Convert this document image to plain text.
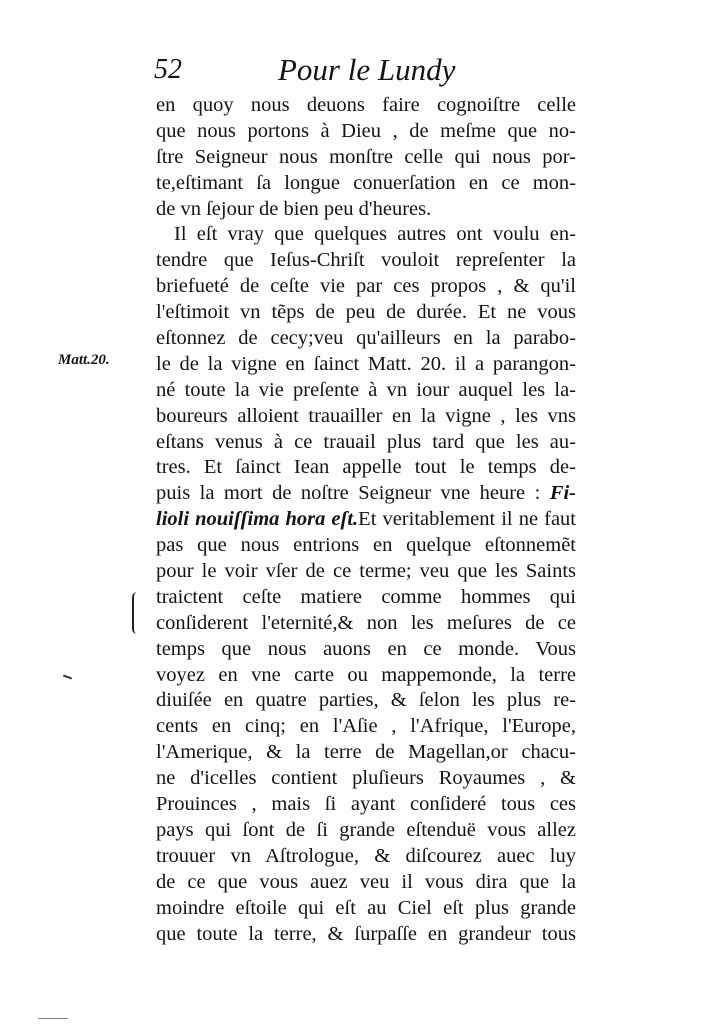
52	Pour le Lundy
Matt.20.
en quoy nous deuons faire cognoiſtre celle
que nous portons à Dieu , de meſme que no-
ſtre Seigneur nous monſtre celle qui nous por-
te,eſtimant ſa longue conuerſation en ce mon-
de vn ſejour de bien peu d'heures.
Il eſt vray que quelques autres ont voulu en-
tendre que Ieſus-Chriſt vouloit repreſenter la
briefueté de ceſte vie par ces propos , & qu'il
l'eſtimoit vn tẽps de peu de durée. Et ne vous
eſtonnez de cecy;veu qu'ailleurs en la parabo-
le de la vigne en ſainct Matt. 20. il a parangon-
né toute la vie preſente à vn iour auquel les la-
boureurs alloient trauailler en la vigne , les vns
eſtans venus à ce trauail plus tard que les au-
tres. Et ſainct Iean appelle tout le temps de-
puis la mort de noſtre Seigneur vne heure : Fi-
lioli nouiſſima hora eſt.Et veritablement il ne faut
pas que nous entrions en quelque eſtonnemẽt
pour le voir vſer de ce terme; veu que les Saints
traictent ceſte matiere comme hommes qui
conſiderent l'eternité,& non les meſures de ce
temps que nous auons en ce monde. Vous
voyez en vne carte ou mappemonde, la terre
diuiſée en quatre parties, & ſelon les plus re-
cents en cinq; en l'Aſie , l'Afrique, l'Europe,
l'Amerique, & la terre de Magellan,or chacu-
ne d'icelles contient pluſieurs Royaumes , &
Prouinces , mais ſi ayant conſideré tous ces
pays qui ſont de ſi grande eſtenduë vous allez
trouuer vn Aſtrologue, & diſcourez auec luy
de ce que vous auez veu il vous dira que la
moindre eſtoile qui eſt au Ciel eſt plus grande
que toute la terre, & ſurpaſſe en grandeur tous
